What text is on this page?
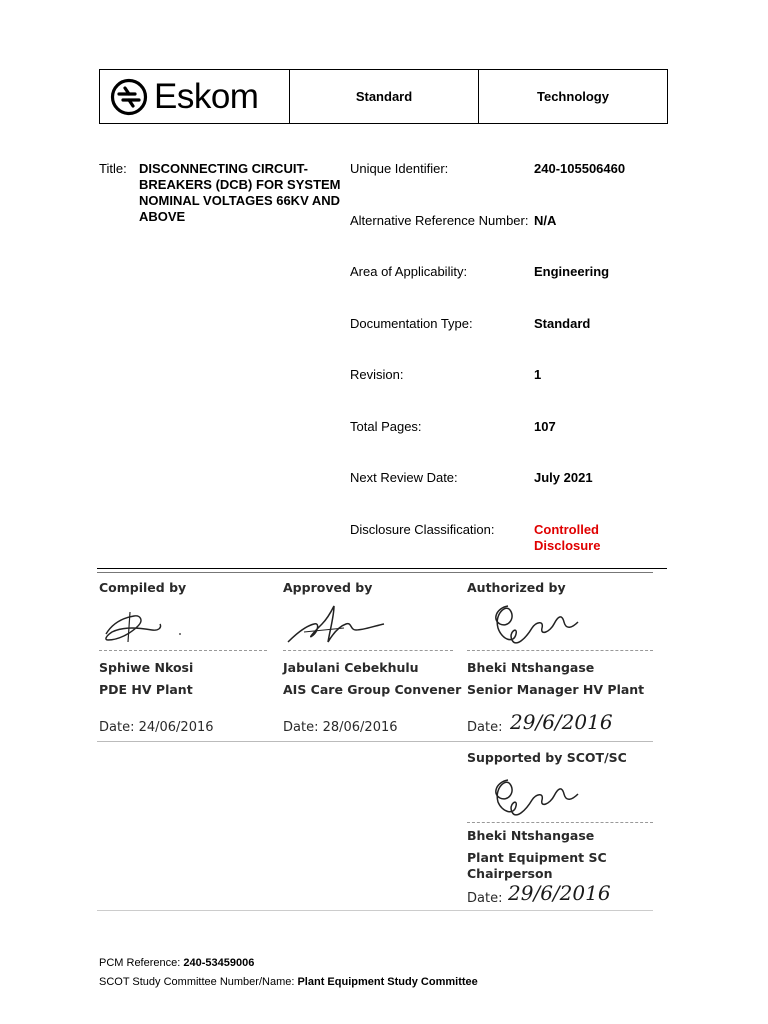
Eskom	Standard	Technology
Title: DISCONNECTING CIRCUIT-
BREAKERS (DCB) FOR SYSTEM
NOMINAL VOLTAGES 66KV AND
ABOVE
Unique Identifier:	240-105506460
Alternative Reference Number: N/A
Area of Applicability:	Engineering
Documentation Type:	Standard
Revision:	1
Total Pages:	107
Next Review Date:	July 2021
Disclosure Classification:	Controlled
Disclosure
Compiled by
Sphiwe Nkosi
PDE HV Plant
Date: 24/06/2016
Approved by
Jabulani Cebekhulu
AIS Care Group Convener
Date: 28/06/2016
Authorized by
Bheki Ntshangase
Senior Manager HV Plant
Date: 29/6/2016
Supported by SCOT/SC
Bheki Ntshangase
Plant Equipment SC
Chairperson
Date: 29/6/2016
PCM Reference: 240-53459006
SCOT Study Committee Number/Name: Plant Equipment Study Committee
